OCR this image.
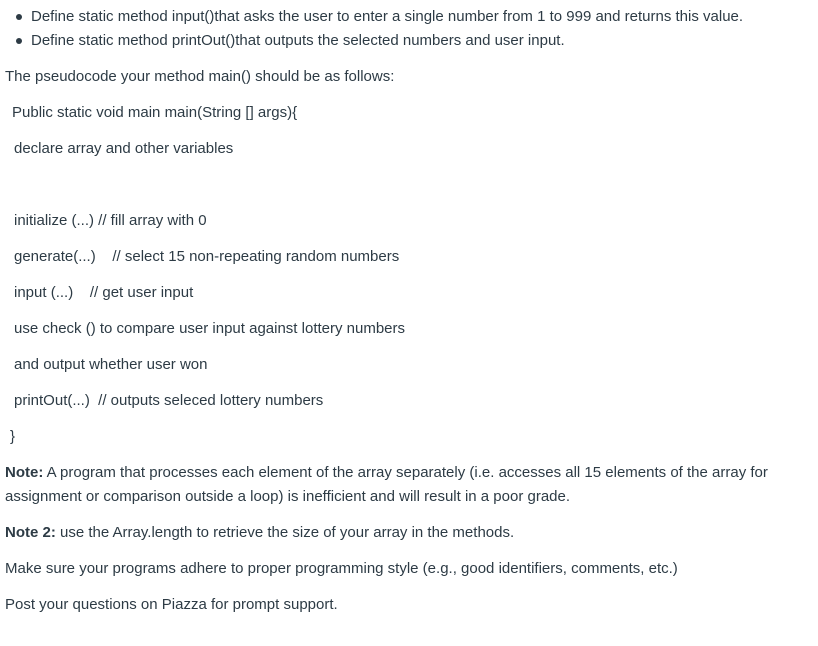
Define static method input()that asks the user to enter a single number from 1 to 999 and returns this value.
Define static method printOut()that outputs the selected numbers and user input.
The pseudocode your method main() should be as follows:
Public static void main main(String [] args){
declare array and other variables
initialize (...) // fill array with 0
generate(...)    // select 15 non-repeating random numbers
input (...)    // get user input
use check () to compare user input against lottery numbers
and output whether user won
printOut(...)  // outputs seleced lottery numbers
}
Note: A program that processes each element of the array separately (i.e. accesses all 15 elements of the array for assignment or comparison outside a loop) is inefficient and will result in a poor grade.
Note 2: use the Array.length to retrieve the size of your array in the methods.
Make sure your programs adhere to proper programming style (e.g., good identifiers, comments, etc.)
Post your questions on Piazza for prompt support.
